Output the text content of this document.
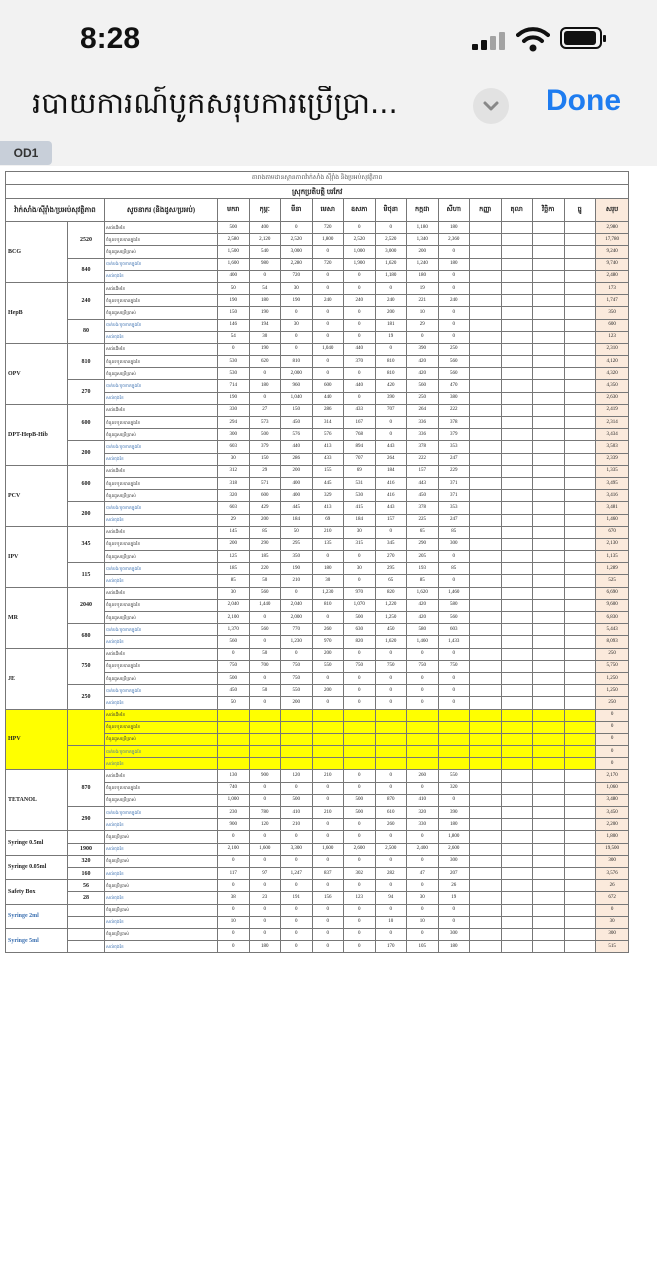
8:28
របាយការណ៍បូកសរុបការប្រើប្រា...	Done
OD1
តារាងតាមដានស្ថានភាពវ៉ាក់សាំង ស៊ីរ៉ាំង និងប្រអប់សុវត្ថិភាព															
ស្រុកប្រតិបត្តិ បរកែវ															
វ៉ាក់សាំង/ស៊ីរ៉ាំង/ប្រអប់សុវត្ថិភាព		សូចនាករ (និងដូស/ប្រអប់)	មករា	កុម្ភៈ	មីនា	មេសា	ឧសភា	មិថុនា	កក្កដា	សីហា	កញ្ញា	តុលា	វិច្ឆិកា	ធ្នូ	សរុប
BCG	2520	សល់ដើមខែ	500	400	0	720	0	0	1,180	180					2,980
		ចំនួនទទួលបានក្នុងខែ	2,580	2,120	2,520	1,800	2,520	2,520	1,340	2,360					17,780
		ចំនួនដូសប្រើប្រាស់	1,500	540	3,000	0	1,000	3,000	200	0					9,240
	840	បាត់បង់/ខូចខាតក្នុងខែ	1,600	980	2,280	720	1,900	1,620	1,240	180					9,740
		សល់ចុងខែ	400	0	720	0	0	1,180	180	0					2,480
HepB	240	សល់ដើមខែ	50	54	30	0	0	0	19	0					173
		ចំនួនទទួលបានក្នុងខែ	190	180	190	240	240	240	221	240					1,747
		ចំនួនដូសប្រើប្រាស់	150	190	0	0	0	200	10	0					350
	80	បាត់បង់/ខូចខាតក្នុងខែ	146	194	30	0	0	181	29	0					600
		សល់ចុងខែ	54	30	0	0	0	19	0	0					123
OPV	810	សល់ដើមខែ	0	190	0	1,040	440	0	390	250					2,310
		ចំនួនទទួលបានក្នុងខែ	530	620	810	0	370	810	420	560					4,120
		ចំនួនដូសប្រើប្រាស់	530	0	2,000	0	0	810	420	560					4,320
	270	បាត់បង់/ខូចខាតក្នុងខែ	714	180	960	600	440	420	560	470					4,350
		សល់ចុងខែ	190	0	1,040	440	0	390	250	380					2,630
DPT-HepB-Hib	600	សល់ដើមខែ	330	27	150	286	433	707	264	222					2,419
		ចំនួនទទួលបានក្នុងខែ	294	573	450	314	167	0	336	378					2,314
		ចំនួនដូសប្រើប្រាស់	300	500	576	576	768	0	336	379					3,434
	200	បាត់បង់/ខូចខាតក្នុងខែ	603	379	440	413	894	443	378	353					3,503
		សល់ចុងខែ	30	150	286	433	707	264	222	247					2,339
PCV	600	សល់ដើមខែ	312	29	200	155	69	184	157	229					1,335
		ចំនួនទទួលបានក្នុងខែ	318	571	400	445	531	416	443	371					3,495
		ចំនួនដូសប្រើប្រាស់	320	600	400	329	530	416	450	371					3,416
	200	បាត់បង់/ខូចខាតក្នុងខែ	603	429	445	413	415	443	378	353					3,481
		សល់ចុងខែ	29	200	184	69	184	157	225	247					1,460
IPV	345	សល់ដើមខែ	145	85	50	210	30	0	65	85					670
		ចំនួនទទួលបានក្នុងខែ	200	290	295	135	315	345	290	300					2,130
		ចំនួនដូសប្រើប្រាស់	125	185	350	0	0	270	205	0					1,135
	115	បាត់បង់/ខូចខាតក្នុងខែ	185	220	190	180	30	295	193	85					1,289
		សល់ចុងខែ	85	50	210	30	0	65	85	0					525
MR	2040	សល់ដើមខែ	30	560	0	1,230	970	820	1,620	1,460					6,690
		ចំនួនទទួលបានក្នុងខែ	2,040	1,440	2,040	810	1,070	1,220	420	580					9,600
		ចំនួនដូសប្រើប្រាស់	2,100	0	2,000	0	500	1,250	420	560					6,830
	680	បាត់បង់/ខូចខាតក្នុងខែ	1,370	560	770	260	630	450	580	603					5,443
		សល់ចុងខែ	560	0	1,230	970	820	1,620	1,460	1,433					8,093
JE	750	សល់ដើមខែ	0	50	0	200	0	0	0	0					250
		ចំនួនទទួលបានក្នុងខែ	750	700	750	550	750	750	750	750					5,750
		ចំនួនដូសប្រើប្រាស់	500	0	750	0	0	0	0	0					1,250
	250	បាត់បង់/ខូចខាតក្នុងខែ	450	50	550	200	0	0	0	0					1,250
		សល់ចុងខែ	50	0	200	0	0	0	0	0					250
HPV		សល់ដើមខែ													0
		ចំនួនទទួលបានក្នុងខែ													0
		ចំនួនដូសប្រើប្រាស់													0
		បាត់បង់/ខូចខាតក្នុងខែ													0
		សល់ចុងខែ													0
TETANOL	870	សល់ដើមខែ	130	900	120	210	0	0	260	550					2,170
		ចំនួនទទួលបានក្នុងខែ	740	0	0	0	0	0	0	320					1,060
		ចំនួនដូសប្រើប្រាស់	1,000	0	500	0	500	870	410	0					3,480
	290	បាត់បង់/ខូចខាតក្នុងខែ	230	780	410	210	500	610	320	390					3,450
		សល់ចុងខែ	900	120	210	0	0	260	330	180					2,200
Syringe 0.5ml		ចំនួនប្រើប្រាស់	0	0	0	0	0	0	0	1,800					1,800
	1900	សល់ចុងខែ	2,100	1,600	3,300	1,600	2,600	2,500	2,400	2,600					19,500
Syringe 0.05ml	320	ចំនួនប្រើប្រាស់	0	0	0	0	0	0	0	300					300
	160	សល់ចុងខែ	117	97	1,247	837	302	282	47	207					3,576
Safety Box	56	ចំនួនប្រើប្រាស់	0	0	0	0	0	0	0	26					26
	28	សល់ចុងខែ	38	23	191	156	123	94	30	19					672
Syringe 2ml		ចំនួនប្រើប្រាស់	0	0	0	0	0	0	0	0					0
		សល់ចុងខែ	10	0	0	0	0	10	10	0					30
Syringe 5ml		ចំនួនប្រើប្រាស់	0	0	0	0	0	0	0	300					300
		សល់ចុងខែ	0	180	0	0	0	170	105	180					515
